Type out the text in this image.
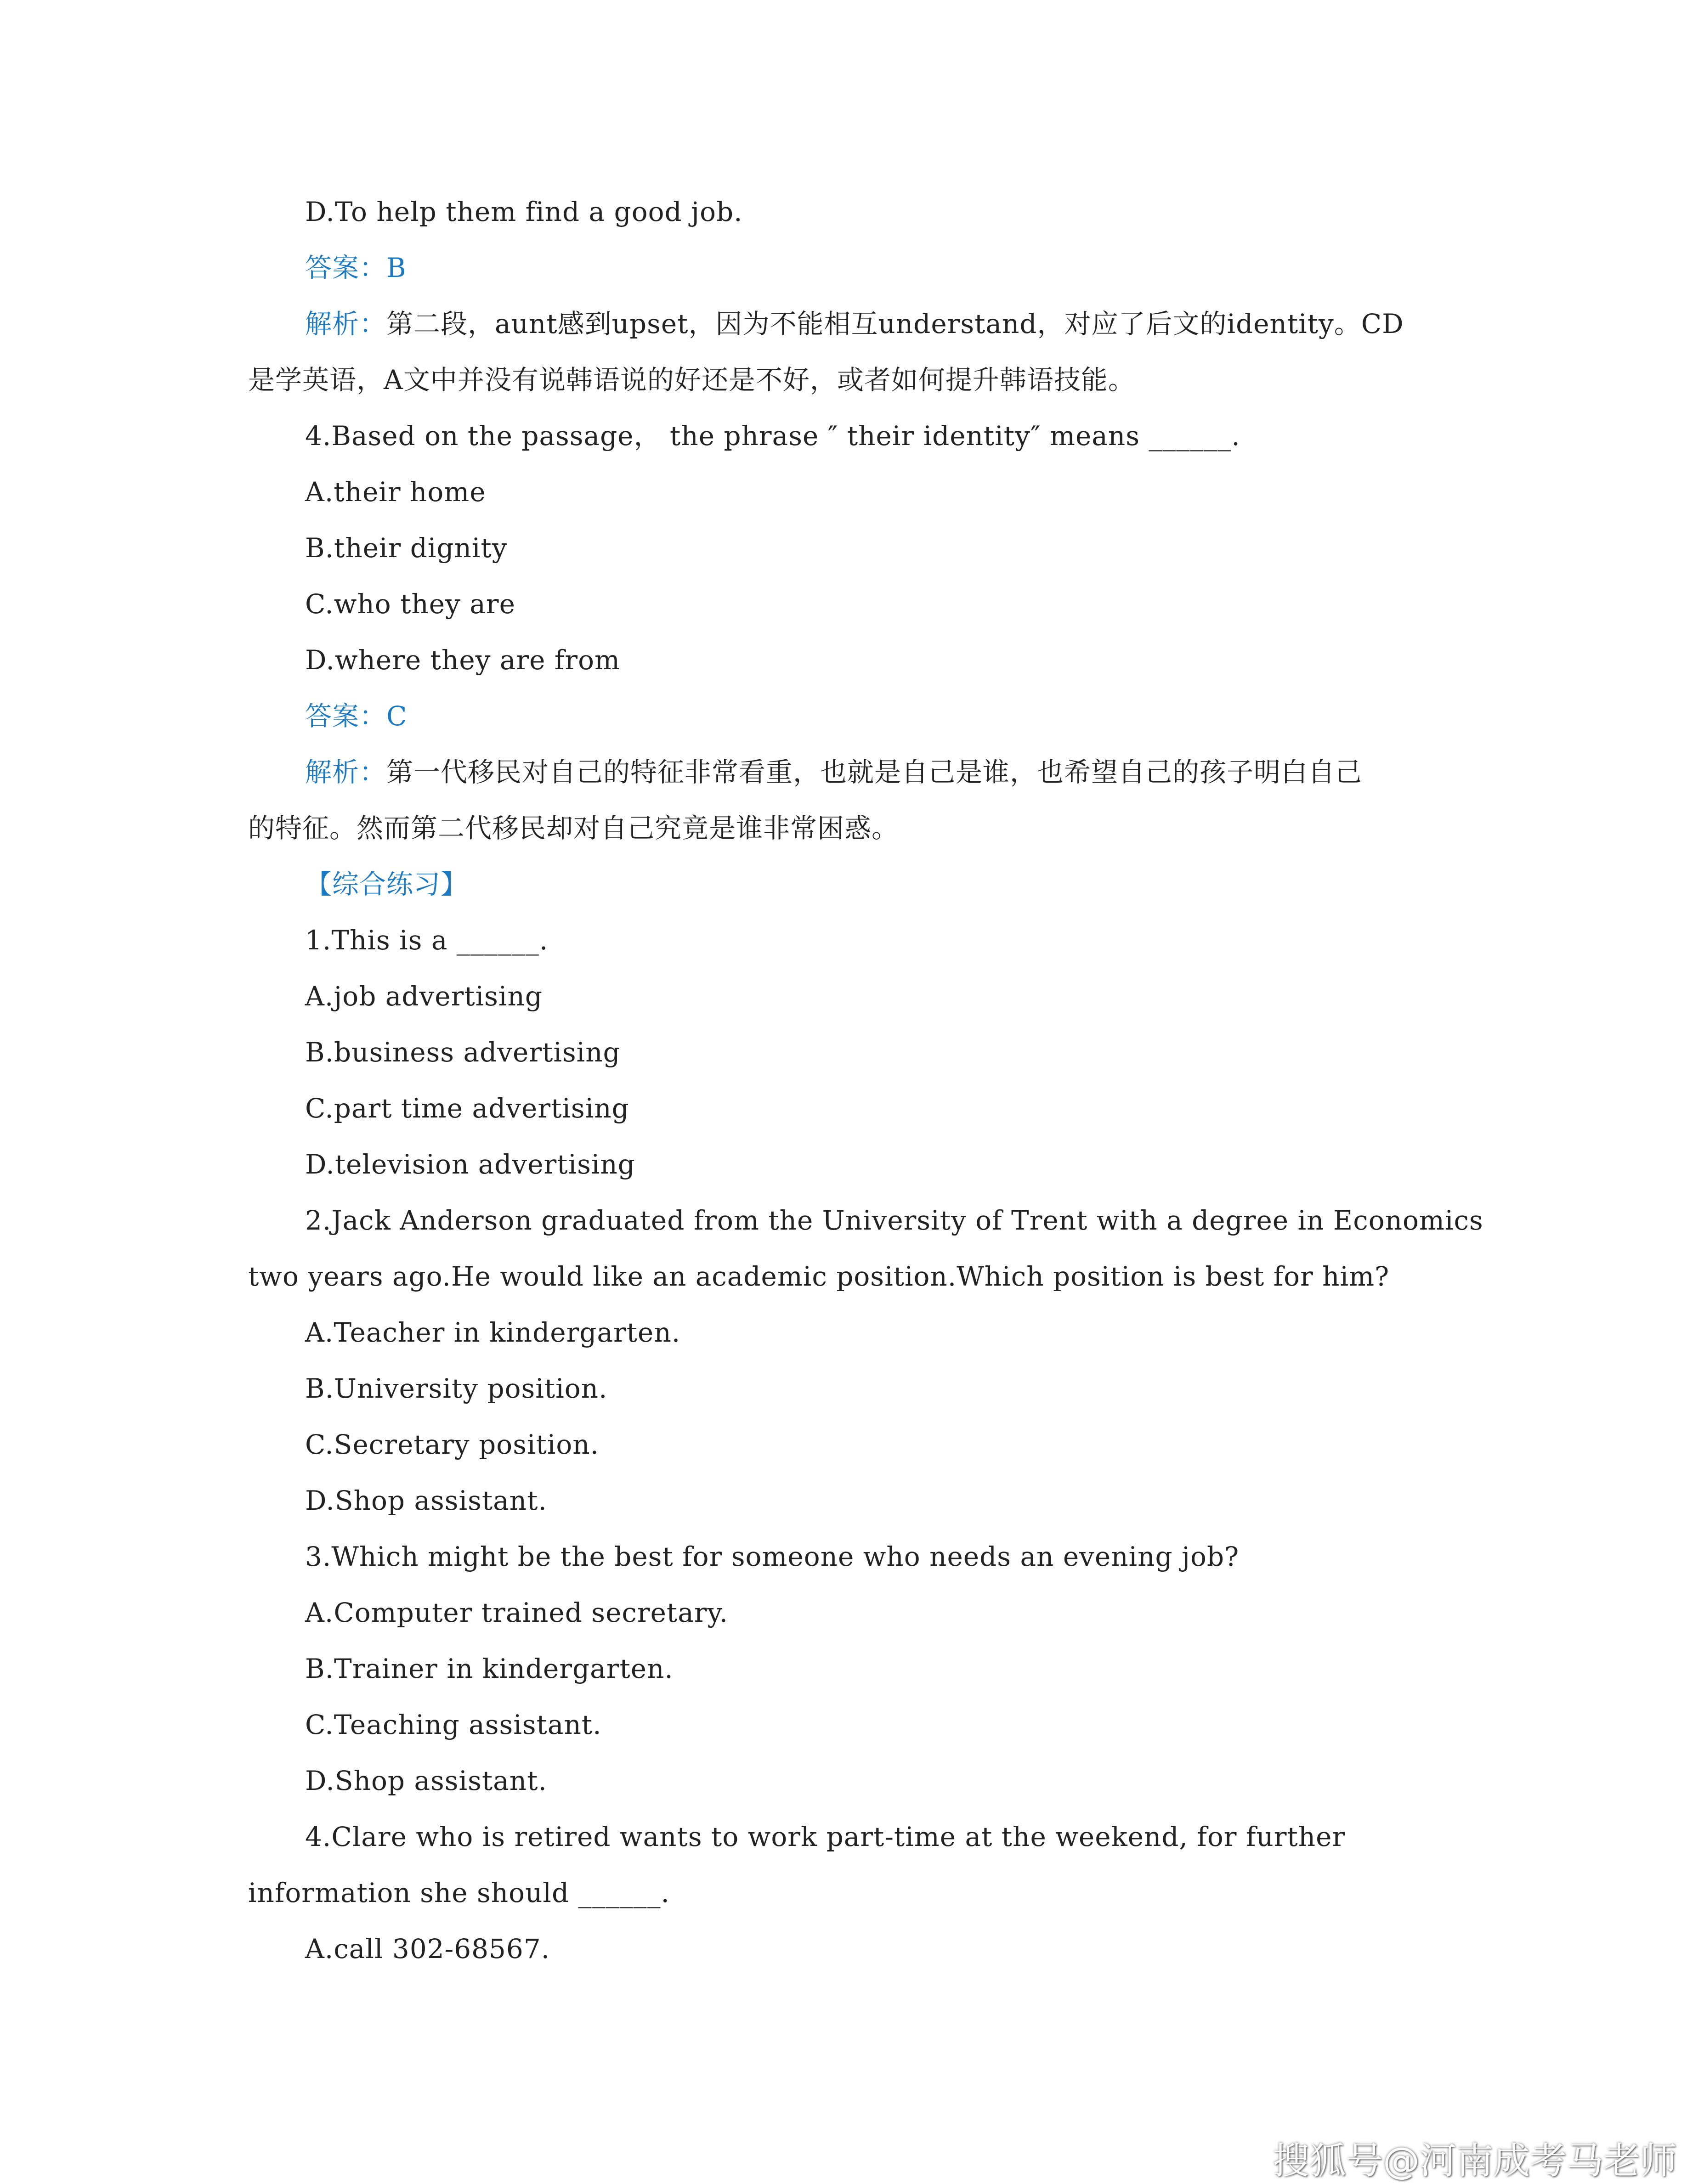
D.To help them find a good job.
答案：B
解析：第二段，aunt感到upset，因为不能相互understand，对应了后文的identity。CD
是学英语，A文中并没有说韩语说的好还是不好，或者如何提升韩语技能。
4.Based on the passage， the phrase ″ their identity″ means ______.
A.their home
B.their dignity
C.who they are
D.where they are from
答案：C
解析：第一代移民对自己的特征非常看重，也就是自己是谁，也希望自己的孩子明白自己
的特征。然而第二代移民却对自己究竟是谁非常困惑。
【综合练习】
1.This is a ______.
A.job advertising
B.business advertising
C.part time advertising
D.television advertising
2.Jack Anderson graduated from the University of Trent with a degree in Economics
two years ago.He would like an academic position.Which position is best for him?
A.Teacher in kindergarten.
B.University position.
C.Secretary position.
D.Shop assistant.
3.Which might be the best for someone who needs an evening job?
A.Computer trained secretary.
B.Trainer in kindergarten.
C.Teaching assistant.
D.Shop assistant.
4.Clare who is retired wants to work part-time at the weekend, for further
information she should ______.
A.call 302-68567.
搜狐号@河南成考马老师
